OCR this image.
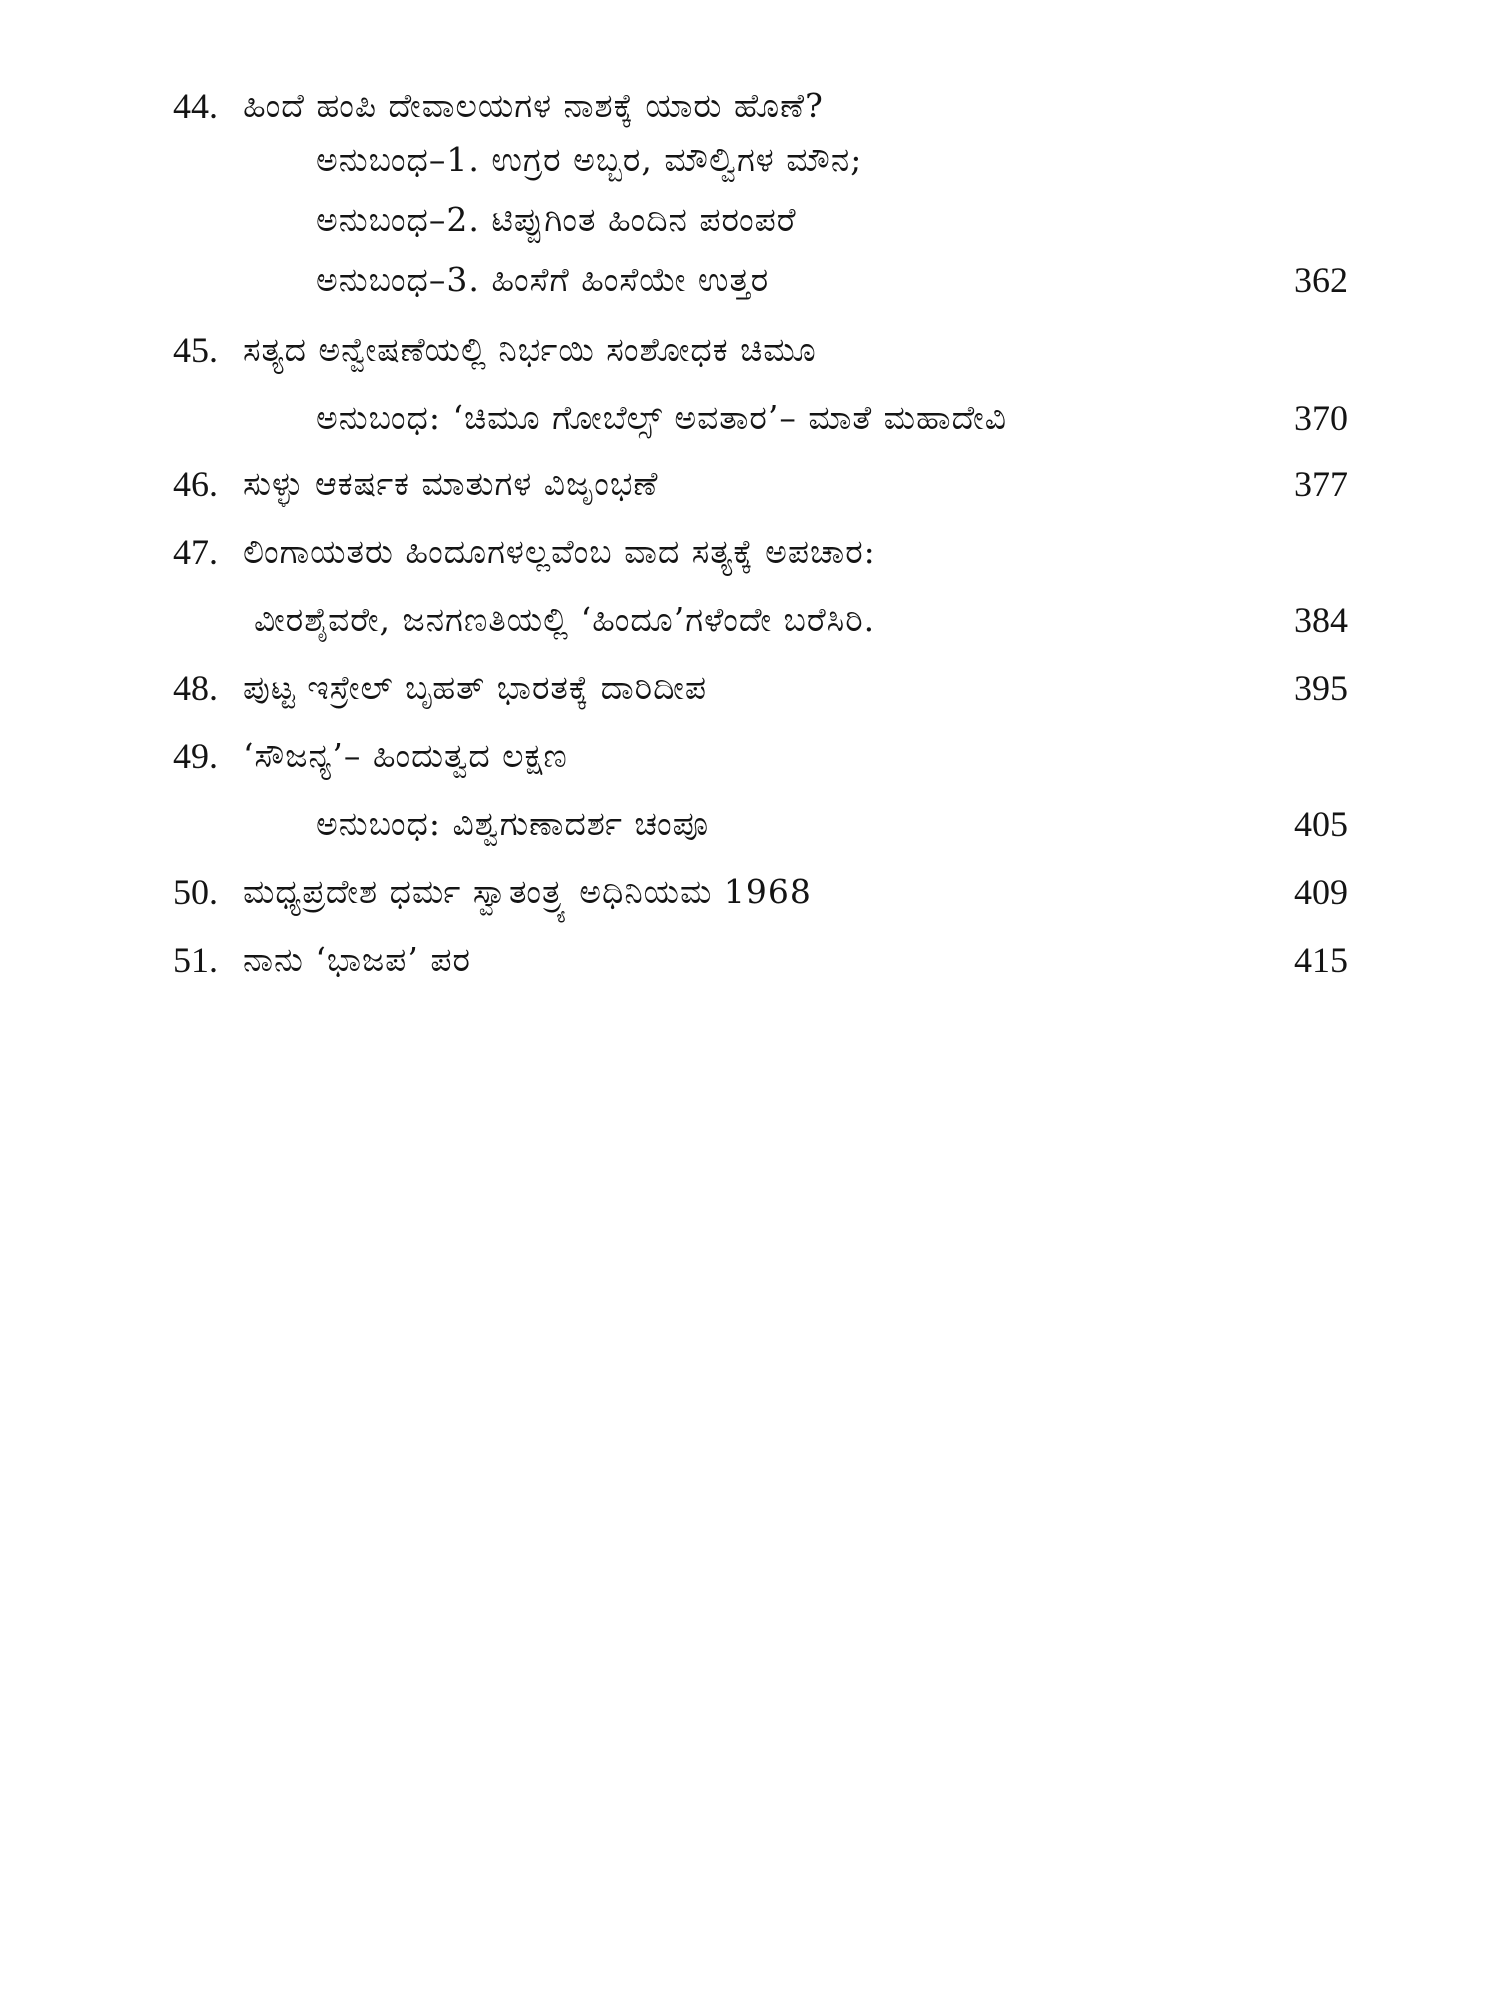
44. ಹಿಂದೆ ಹಂಪಿ ದೇವಾಲಯಗಳ ನಾಶಕ್ಕೆ ಯಾರು ಹೊಣೆ?
ಅನುಬಂಧ–1. ಉಗ್ರರ ಅಬ್ಬರ, ಮೌಲ್ವಿಗಳ ಮೌನ;
ಅನುಬಂಧ–2. ಟಿಪ್ಪುಗಿಂತ ಹಿಂದಿನ ಪರಂಪರೆ
ಅನುಬಂಧ–3. ಹಿಂಸೆಗೆ ಹಿಂಸೆಯೇ ಉತ್ತರ	362
45. ಸತ್ಯದ ಅನ್ವೇಷಣೆಯಲ್ಲಿ ನಿರ್ಭಯಿ ಸಂಶೋಧಕ ಚಿಮೂ
ಅನುಬಂಧ: ‘ಚಿಮೂ ಗೋಬೆಲ್ಸ್ ಅವತಾರ’– ಮಾತೆ ಮಹಾದೇವಿ	370
46. ಸುಳ್ಳು ಆಕರ್ಷಕ ಮಾತುಗಳ ವಿಜೃಂಭಣೆ	377
47. ಲಿಂಗಾಯತರು ಹಿಂದೂಗಳಲ್ಲವೆಂಬ ವಾದ ಸತ್ಯಕ್ಕೆ ಅಪಚಾರ:
ವೀರಶೈವರೇ, ಜನಗಣತಿಯಲ್ಲಿ ‘ಹಿಂದೂ’ಗಳೆಂದೇ ಬರೆಸಿರಿ.	384
48. ಪುಟ್ಟ ಇಸ್ರೇಲ್ ಬೃಹತ್ ಭಾರತಕ್ಕೆ ದಾರಿದೀಪ	395
49. ‘ಸೌಜನ್ಯ’– ಹಿಂದುತ್ವದ ಲಕ್ಷಣ
ಅನುಬಂಧ: ವಿಶ್ವಗುಣಾದರ್ಶ ಚಂಪೂ	405
50. ಮಧ್ಯಪ್ರದೇಶ ಧರ್ಮ ಸ್ವಾತಂತ್ರ್ಯ ಅಧಿನಿಯಮ 1968	409
51. ನಾನು ‘ಭಾಜಪ’ ಪರ	415
